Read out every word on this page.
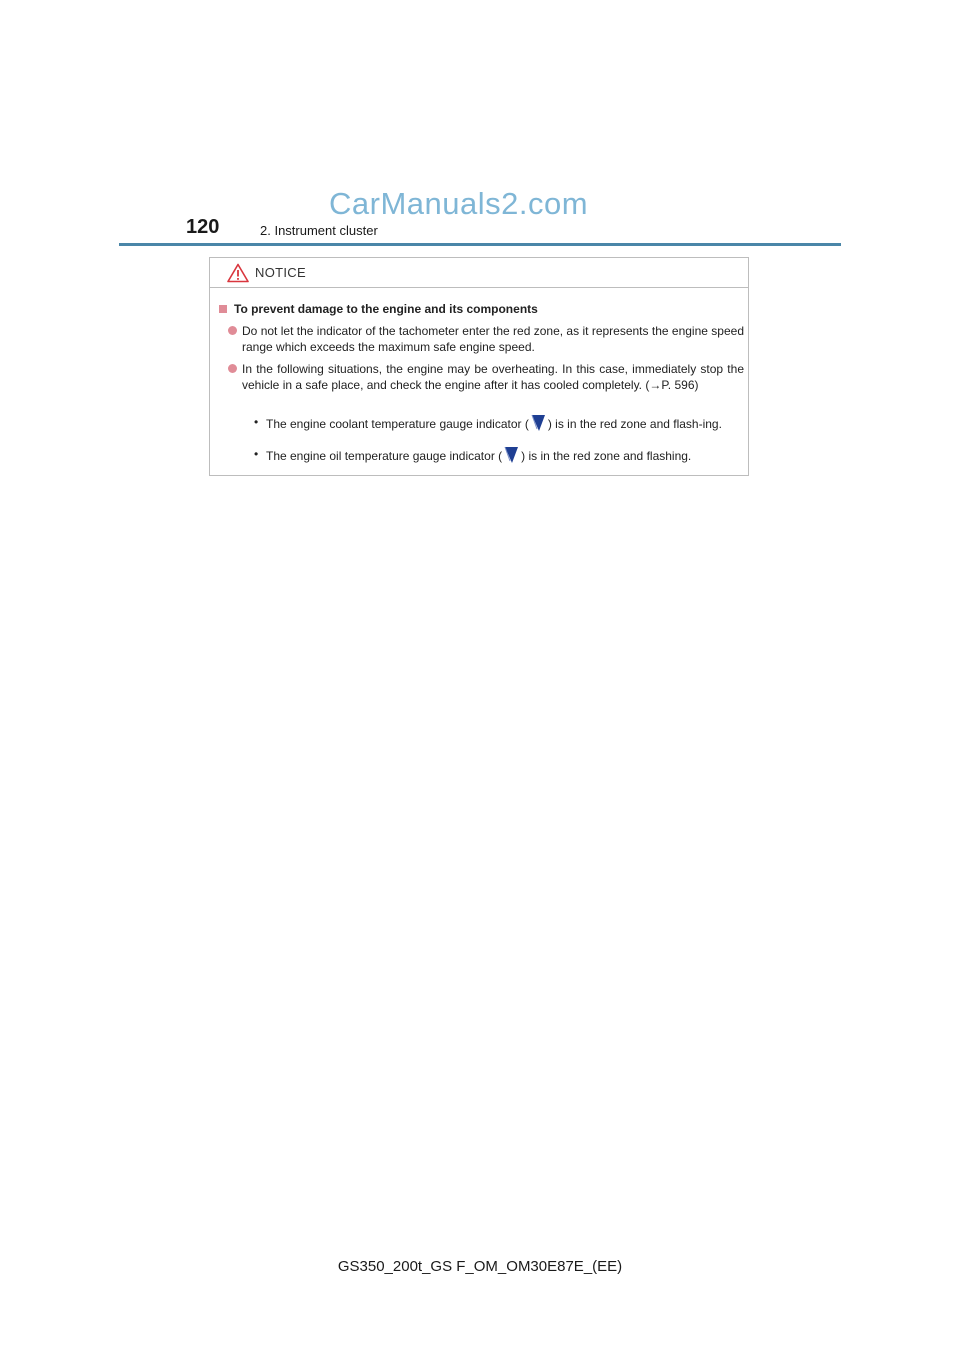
CarManuals2.com
120	2. Instrument cluster
NOTICE
To prevent damage to the engine and its components
Do not let the indicator of the tachometer enter the red zone, as it represents the engine speed range which exceeds the maximum safe engine speed.
In the following situations, the engine may be overheating. In this case, immediately stop the vehicle in a safe place, and check the engine after it has cooled completely. (→P. 596)
• The engine coolant temperature gauge indicator ( ) is in the red zone and flash-ing.
• The engine oil temperature gauge indicator ( ) is in the red zone and flashing.
GS350_200t_GS F_OM_OM30E87E_(EE)
